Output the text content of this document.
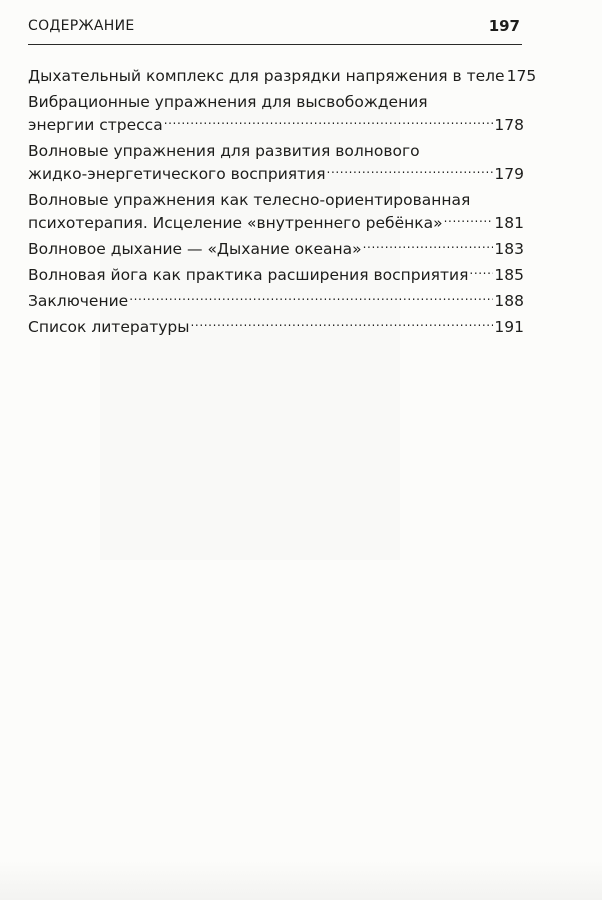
СОДЕРЖАНИЕ	197
Дыхательный комплекс для разрядки напряжения в теле 175
Вибрационные упражнения для высвобождения
энергии стресса .....	178
Волновые упражнения для развития волнового
жидко-энергетического восприятия .....	179
Волновые упражнения как телесно-ориентированная
психотерапия. Исцеление «внутреннего ребёнка» .....	181
Волновое дыхание — «Дыхание океана» .....	183
Волновая йога как практика расширения восприятия ..... 185
Заключение .....	188
Список литературы .....	191
